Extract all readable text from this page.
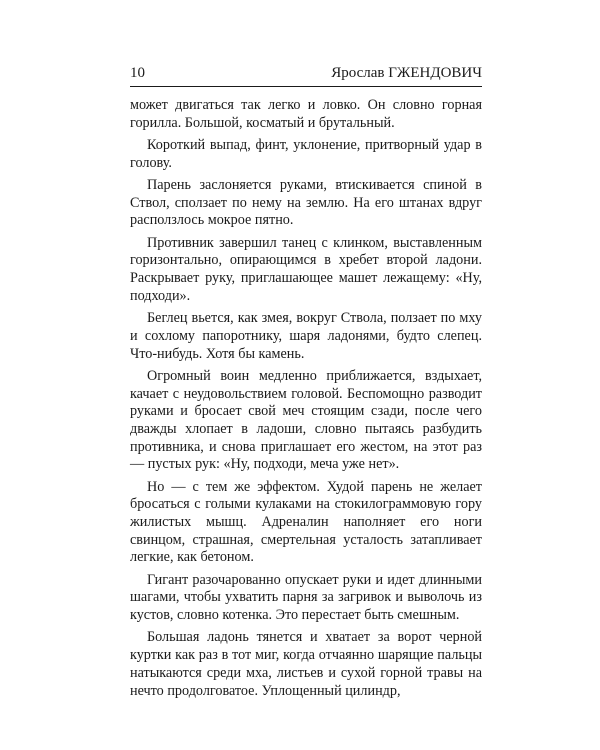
10	Ярослав ГЖЕНДОВИЧ

может двигаться так легко и ловко. Он словно горная горилла. Большой, косматый и брутальный.

Короткий выпад, финт, уклонение, притворный удар в голову.

Парень заслоняется руками, втискивается спиной в Ствол, сползает по нему на землю. На его штанах вдруг расползлось мокрое пятно.

Противник завершил танец с клинком, выставленным горизонтально, опирающимся в хребет второй ладони. Раскрывает руку, приглашающее машет лежащему: «Ну, подходи».

Беглец вьется, как змея, вокруг Ствола, ползает по мху и сохлому папоротнику, шаря ладонями, будто слепец. Что-нибудь. Хотя бы камень.

Огромный воин медленно приближается, вздыхает, качает с неудовольствием головой. Беспомощно разводит руками и бросает свой меч стоящим сзади, после чего дважды хлопает в ладоши, словно пытаясь разбудить противника, и снова приглашает его жестом, на этот раз — пустых рук: «Ну, подходи, меча уже нет».

Но — с тем же эффектом. Худой парень не желает бросаться с голыми кулаками на стокилограммовую гору жилистых мышц. Адреналин наполняет его ноги свинцом, страшная, смертельная усталость затапливает легкие, как бетоном.

Гигант разочарованно опускает руки и идет длинными шагами, чтобы ухватить парня за загривок и выволочь из кустов, словно котенка. Это перестает быть смешным.

Большая ладонь тянется и хватает за ворот черной куртки как раз в тот миг, когда отчаянно шарящие пальцы натыкаются среди мха, листьев и сухой горной травы на нечто продолговатое. Уплощенный цилиндр,
